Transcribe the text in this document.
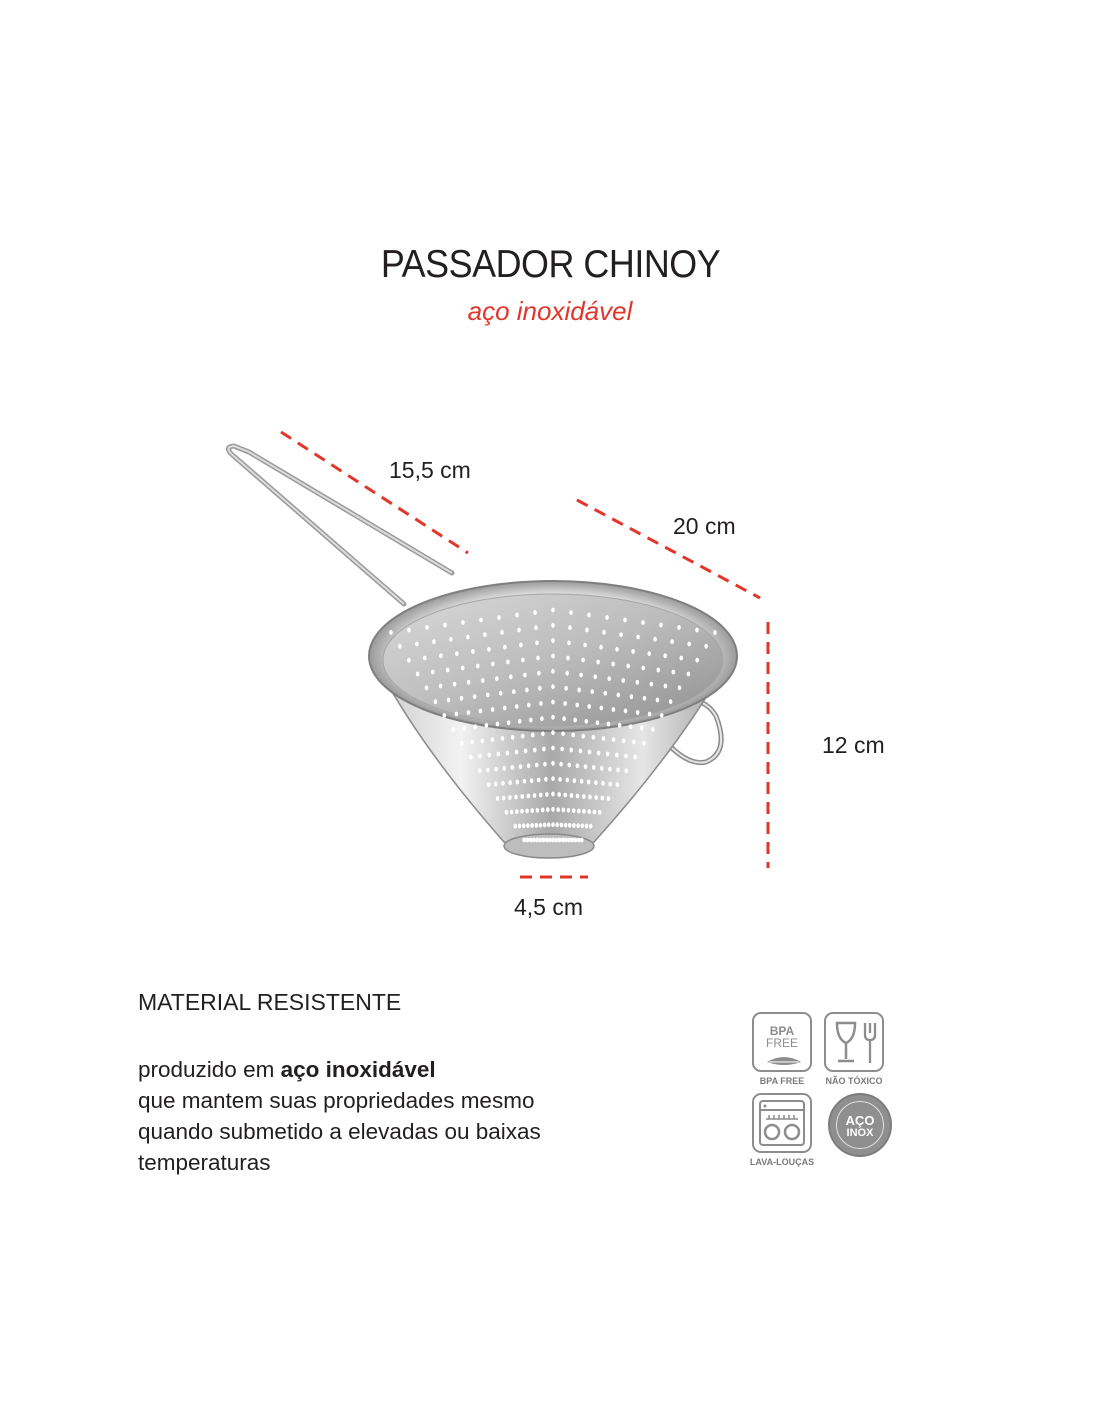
PASSADOR CHINOY
aço inoxidável
15,5 cm
20 cm
12 cm
4,5 cm
MATERIAL RESISTENTE
produzido em aço inoxidável
que mantem suas propriedades mesmo
quando submetido a elevadas ou baixas
temperaturas
BPA
FREE
BPA FREE	NÃO TÓXICO
LAVA-LOUÇAS
AÇO
INOX
